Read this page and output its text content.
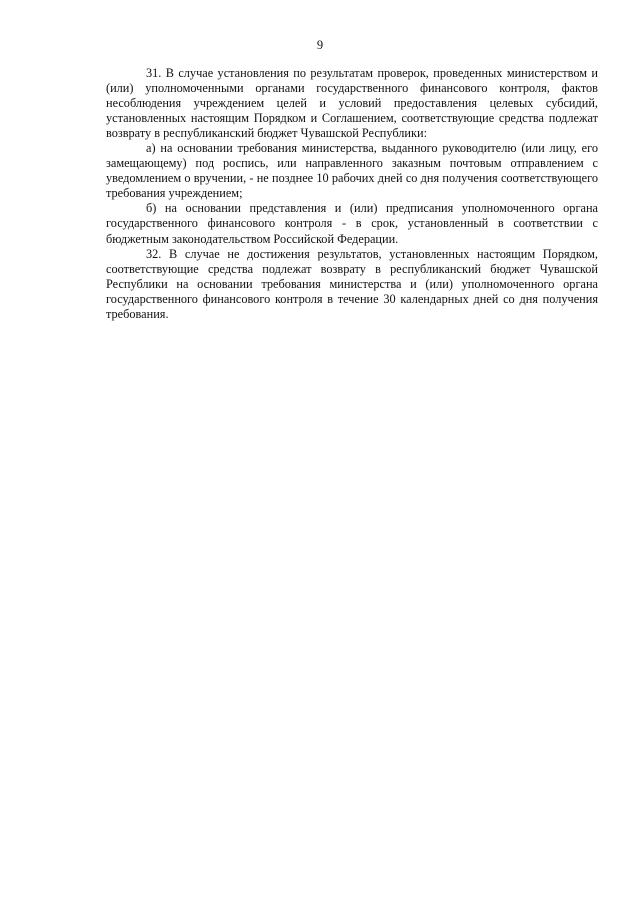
9

31. В случае установления по результатам проверок, проведенных министерством и (или) уполномоченными органами государственного финансового контроля, фактов несоблюдения учреждением целей и условий предоставления целевых субсидий, установленных настоящим Порядком и Соглашением, соответствующие средства подлежат возврату в республиканский бюджет Чувашской Республики:

а) на основании требования министерства, выданного руководителю (или лицу, его замещающему) под роспись, или направленного заказным почтовым отправлением с уведомлением о вручении, - не позднее 10 рабочих дней со дня получения соответствующего требования учреждением;

б) на основании представления и (или) предписания уполномоченного органа государственного финансового контроля - в срок, установленный в соответствии с бюджетным законодательством Российской Федерации.

32. В случае не достижения результатов, установленных настоящим Порядком, соответствующие средства подлежат возврату в республиканский бюджет Чувашской Республики на основании требования министерства и (или) уполномоченного органа государственного финансового контроля в течение 30 календарных дней со дня получения требования.
